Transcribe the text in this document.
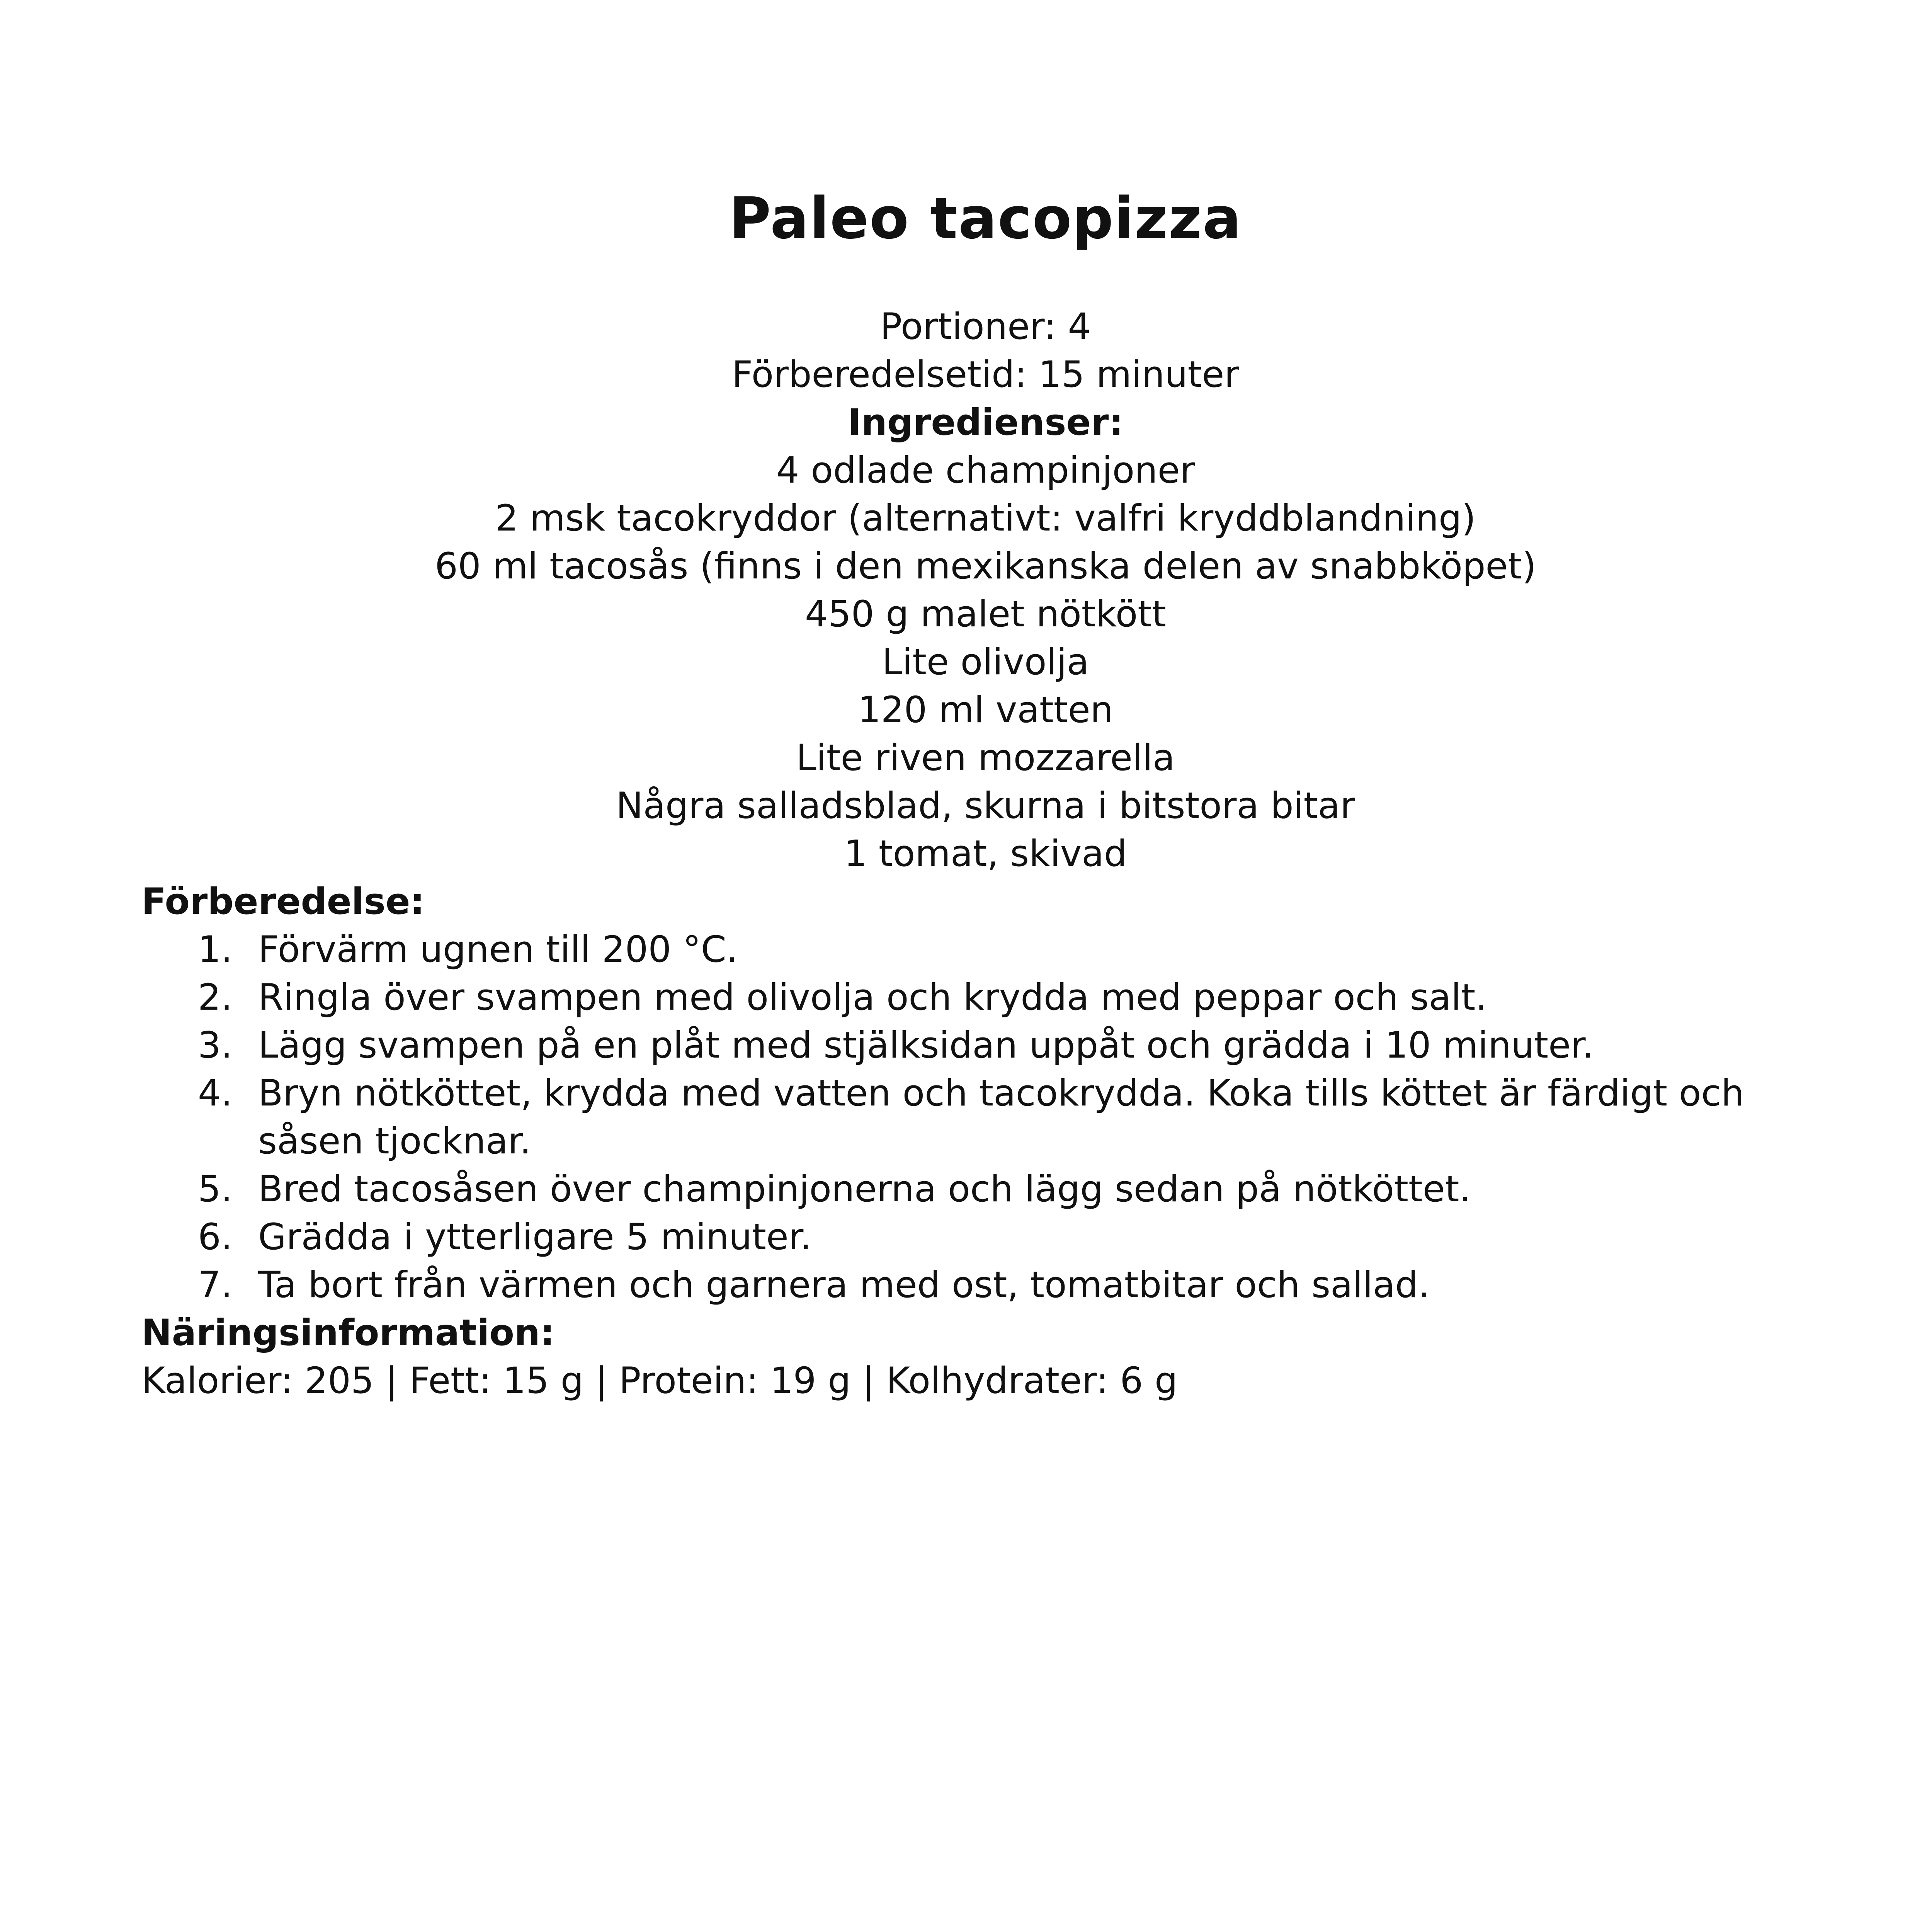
Paleo tacopizza

Portioner: 4

Förberedelsetid: 15 minuter

Ingredienser:

4 odlade champinjoner

2 msk tacokryddor (alternativt: valfri kryddblandning)

60 ml tacosås (finns i den mexikanska delen av snabbköpet)

450 g malet nötkött

Lite olivolja

120 ml vatten

Lite riven mozzarella

Några salladsblad, skurna i bitstora bitar

1 tomat, skivad

Förberedelse:

1. Förvärm ugnen till 200 °C.
2. Ringla över svampen med olivolja och krydda med peppar och salt.
3. Lägg svampen på en plåt med stjälksidan uppåt och grädda i 10 minuter.
4. Bryn nötköttet, krydda med vatten och tacokrydda. Koka tills köttet är färdigt och såsen tjocknar.
5. Bred tacosåsen över champinjonerna och lägg sedan på nötköttet.
6. Grädda i ytterligare 5 minuter.
7. Ta bort från värmen och garnera med ost, tomatbitar och sallad.

Näringsinformation:

Kalorier: 205 | Fett: 15 g | Protein: 19 g | Kolhydrater: 6 g
